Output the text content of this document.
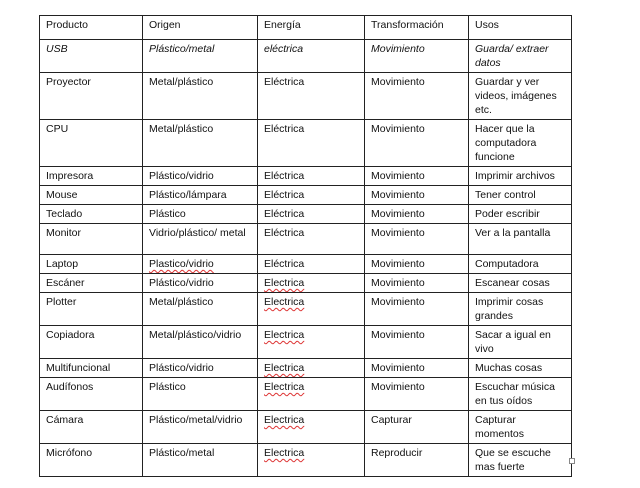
Producto	Origen	Energía	Transformación	Usos
USB	Plástico/metal	eléctrica	Movimiento	Guarda/ extraer datos
Proyector	Metal/plástico	Eléctrica	Movimiento	Guardar y ver videos, imágenes etc.
CPU	Metal/plástico	Eléctrica	Movimiento	Hacer que la computadora funcione
Impresora	Plástico/vidrio	Eléctrica	Movimiento	Imprimir archivos
Mouse	Plástico/lámpara	Eléctrica	Movimiento	Tener control
Teclado	Plástico	Eléctrica	Movimiento	Poder escribir
Monitor	Vidrio/plástico/ metal	Eléctrica	Movimiento	Ver a la pantalla
Laptop	Plastico/vidrio	Eléctrica	Movimiento	Computadora
Escáner	Plástico/vidrio	Electrica	Movimiento	Escanear cosas
Plotter	Metal/plástico	Electrica	Movimiento	Imprimir cosas grandes
Copiadora	Metal/plástico/vidrio	Electrica	Movimiento	Sacar a igual en vivo
Multifuncional	Plástico/vidrio	Electrica	Movimiento	Muchas cosas
Audífonos	Plástico	Electrica	Movimiento	Escuchar música en tus oídos
Cámara	Plástico/metal/vidrio	Electrica	Capturar	Capturar momentos
Micrófono	Plástico/metal	Electrica	Reproducir	Que se escuche mas fuerte
